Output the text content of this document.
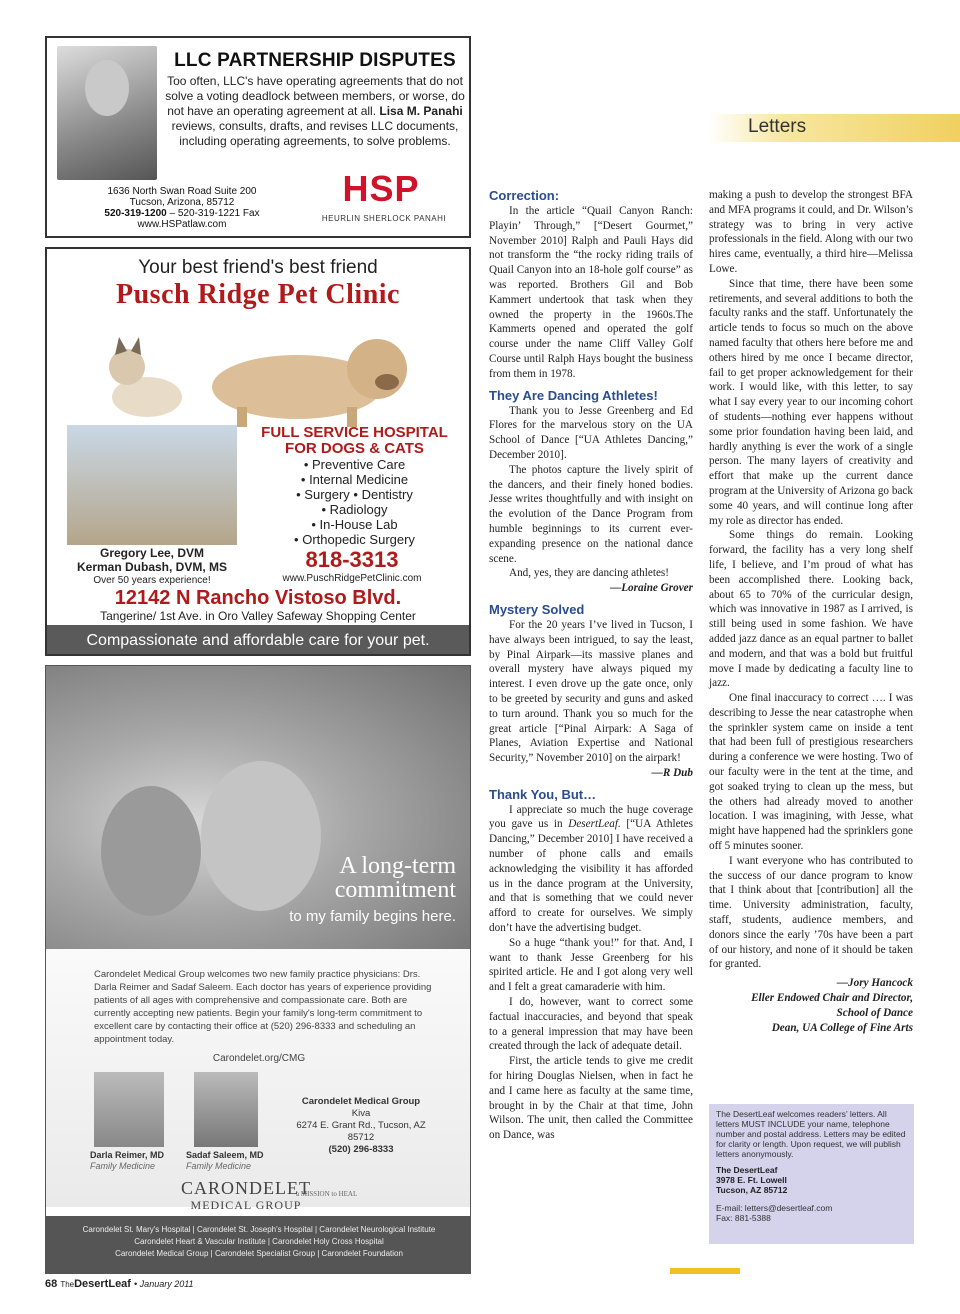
LLC PARTNERSHIP DISPUTES
Too often, LLC's have operating agreements that do not solve a voting deadlock between members, or worse, do not have an operating agreement at all. Lisa M. Panahi reviews, consults, drafts, and revises LLC documents, including operating agreements, to solve problems.
1636 North Swan Road Suite 200
Tucson, Arizona, 85712
520-319-1200 – 520-319-1221 Fax
www.HSPatlaw.com
HSP
HEURLIN SHERLOCK PANAHI
Your best friend's best friend
Pusch Ridge Pet Clinic
FULL SERVICE HOSPITAL
FOR DOGS & CATS
• Preventive Care
• Internal Medicine
• Surgery • Dentistry
• Radiology
• In-House Lab
• Orthopedic Surgery
Gregory Lee, DVM
Kerman Dubash, DVM, MS
Over 50 years experience!
818-3313
www.PuschRidgePetClinic.com
12142 N Rancho Vistoso Blvd.
Tangerine/ 1st Ave. in Oro Valley Safeway Shopping Center
Compassionate and affordable care for your pet.
A long-term
commitment
to my family begins here.
Carondelet Medical Group welcomes two new family practice physicians: Drs. Darla Reimer and Sadaf Saleem. Each doctor has years of experience providing patients of all ages with comprehensive and compassionate care. Both are currently accepting new patients. Begin your family's long-term commitment to excellent care by contacting their office at (520) 296-8333 and scheduling an appointment today.
Carondelet.org/CMG
Darla Reimer, MD
Family Medicine
Sadaf Saleem, MD
Family Medicine
Carondelet Medical Group
Kiva
6274 E. Grant Rd., Tucson, AZ 85712
(520) 296-8333
CARONDELET
MEDICAL GROUP
a MISSION to HEAL
Carondelet St. Mary's Hospital | Carondelet St. Joseph's Hospital | Carondelet Neurological Institute
Carondelet Heart & Vascular Institute | Carondelet Holy Cross Hospital
Carondelet Medical Group | Carondelet Specialist Group | Carondelet Foundation
Letters
Correction:

In the article “Quail Canyon Ranch: Playin’ Through,” [“Desert Gourmet,” November 2010] Ralph and Pauli Hays did not transform the “the rocky riding trails of Quail Canyon into an 18-hole golf course” as was reported. Brothers Gil and Bob Kammert undertook that task when they owned the property in the 1960s.The Kammerts opened and operated the golf course under the name Cliff Valley Golf Course until Ralph Hays bought the business from them in 1978.

They Are Dancing Athletes!

Thank you to Jesse Greenberg and Ed Flores for the marvelous story on the UA School of Dance [“UA Athletes Dancing,” December 2010].

The photos capture the lively spirit of the dancers, and their finely honed bodies. Jesse writes thoughtfully and with insight on the evolution of the Dance Program from humble beginnings to its current ever-expanding presence on the national dance scene.

And, yes, they are dancing athletes!

—Loraine Grover

Mystery Solved

For the 20 years I’ve lived in Tucson, I have always been intrigued, to say the least, by Pinal Airpark—its massive planes and overall mystery have always piqued my interest. I even drove up the gate once, only to be greeted by security and guns and asked to turn around. Thank you so much for the great article [“Pinal Airpark: A Saga of Planes, Aviation Expertise and National Security,” November 2010] on the airpark!

—R Dub

Thank You, But…

I appreciate so much the huge coverage you gave us in DesertLeaf. [“UA Athletes Dancing,” December 2010] I have received a number of phone calls and emails acknowledging the visibility it has afforded us in the dance program at the University, and that is something that we could never afford to create for ourselves. We simply don’t have the advertising budget.

So a huge “thank you!” for that. And, I want to thank Jesse Greenberg for his spirited article. He and I got along very well and I felt a great camaraderie with him.

I do, however, want to correct some factual inaccuracies, and beyond that speak to a general impression that may have been created through the lack of adequate detail.

First, the article tends to give me credit for hiring Douglas Nielsen, when in fact he and I came here as faculty at the same time, brought in by the Chair at that time, John Wilson. The unit, then called the Committee on Dance, was

making a push to develop the strongest BFA and MFA programs it could, and Dr. Wilson’s strategy was to bring in very active professionals in the field. Along with our two hires came, eventually, a third hire—Melissa Lowe.

Since that time, there have been some retirements, and several additions to both the faculty ranks and the staff. Unfortunately the article tends to focus so much on the above named faculty that others here before me and others hired by me once I became director, fail to get proper acknowledgement for their work. I would like, with this letter, to say what I say every year to our incoming cohort of students—nothing ever happens without some prior foundation having been laid, and hardly anything is ever the work of a single person. The many layers of creativity and effort that make up the current dance program at the University of Arizona go back some 40 years, and will continue long after my role as director has ended.

Some things do remain. Looking forward, the facility has a very long shelf life, I believe, and I’m proud of what has been accomplished there. Looking back, about 65 to 70% of the curricular design, which was innovative in 1987 as I arrived, is still being used in some fashion. We have added jazz dance as an equal partner to ballet and modern, and that was a bold but fruitful move I made by dedicating a faculty line to jazz.

One final inaccuracy to correct …. I was describing to Jesse the near catastrophe when the sprinkler system came on inside a tent that had been full of prestigious researchers during a conference we were hosting. Two of our faculty were in the tent at the time, and got soaked trying to clean up the mess, but the others had already moved to another location. I was imagining, with Jesse, what might have happened had the sprinklers gone off 5 minutes sooner.

I want everyone who has contributed to the success of our dance program to know that I think about that [contribution] all the time. University administration, faculty, staff, students, audience members, and donors since the early ’70s have been a part of our history, and none of it should be taken for granted.

—Jory Hancock

Eller Endowed Chair and Director,

School of Dance

Dean, UA College of Fine Arts

The DesertLeaf welcomes readers’ letters. All letters MUST INCLUDE your name, telephone number and postal address. Letters may be edited for clarity or length. Upon request, we will publish letters anonymously.
The DesertLeaf
3978 E. Ft. Lowell
Tucson, AZ 85712
E-mail: letters@desertleaf.com
Fax: 881-5388
68 TheDesertLeaf • January 2011
